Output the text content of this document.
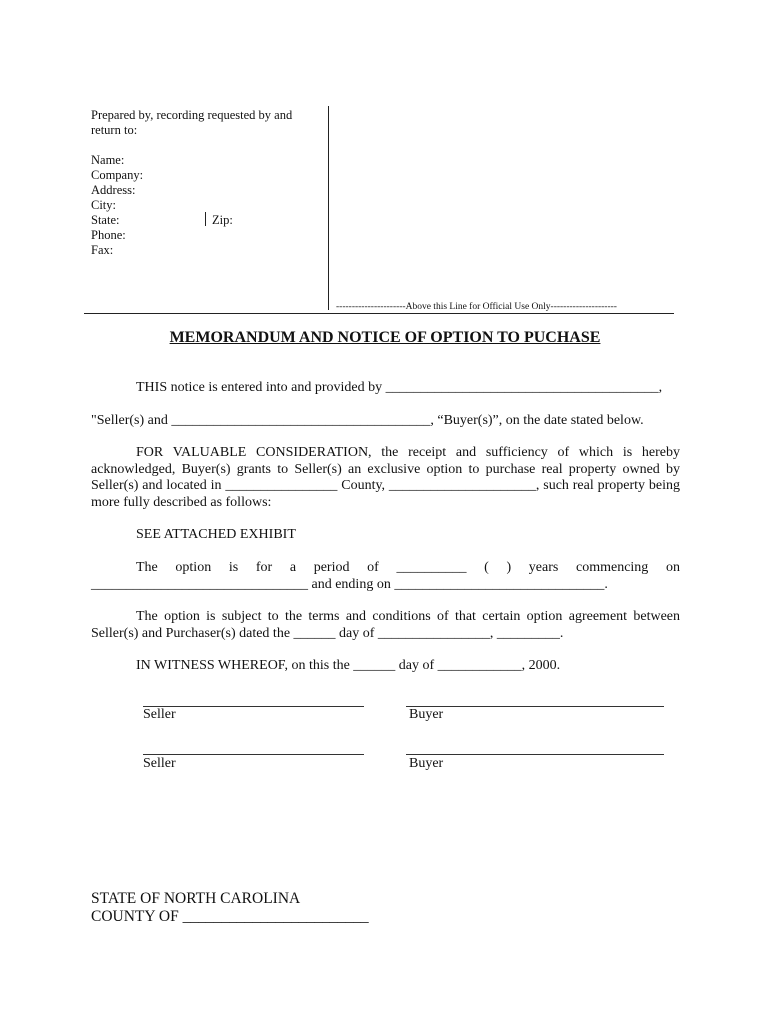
Prepared by, recording requested by and
return to:
Name:
Company:
Address:
City:
State:	Zip:
Phone:
Fax:
----------------------Above this Line for Official Use Only---------------------
MEMORANDUM AND NOTICE OF OPTION TO PUCHASE
THIS notice is entered into and provided by _______________________________________,
"Seller(s) and _____________________________________, “Buyer(s)”, on the date stated below.
FOR VALUABLE CONSIDERATION, the receipt and sufficiency of which is hereby acknowledged, Buyer(s) grants to Seller(s) an exclusive option to purchase real property owned by Seller(s) and located in ________________ County, _____________________, such real property being more fully described as follows:
SEE ATTACHED EXHIBIT
The option is for a period of __________ ( ) years commencing on
_______________________________ and ending on ______________________________.
The option is subject to the terms and conditions of that certain option agreement between Seller(s) and Purchaser(s) dated the ______ day of ________________, _________.
IN WITNESS WHEREOF, on this the ______ day of ____________, 2000.
Seller	Buyer
Seller	Buyer
STATE OF NORTH CAROLINA
COUNTY OF ________________________
